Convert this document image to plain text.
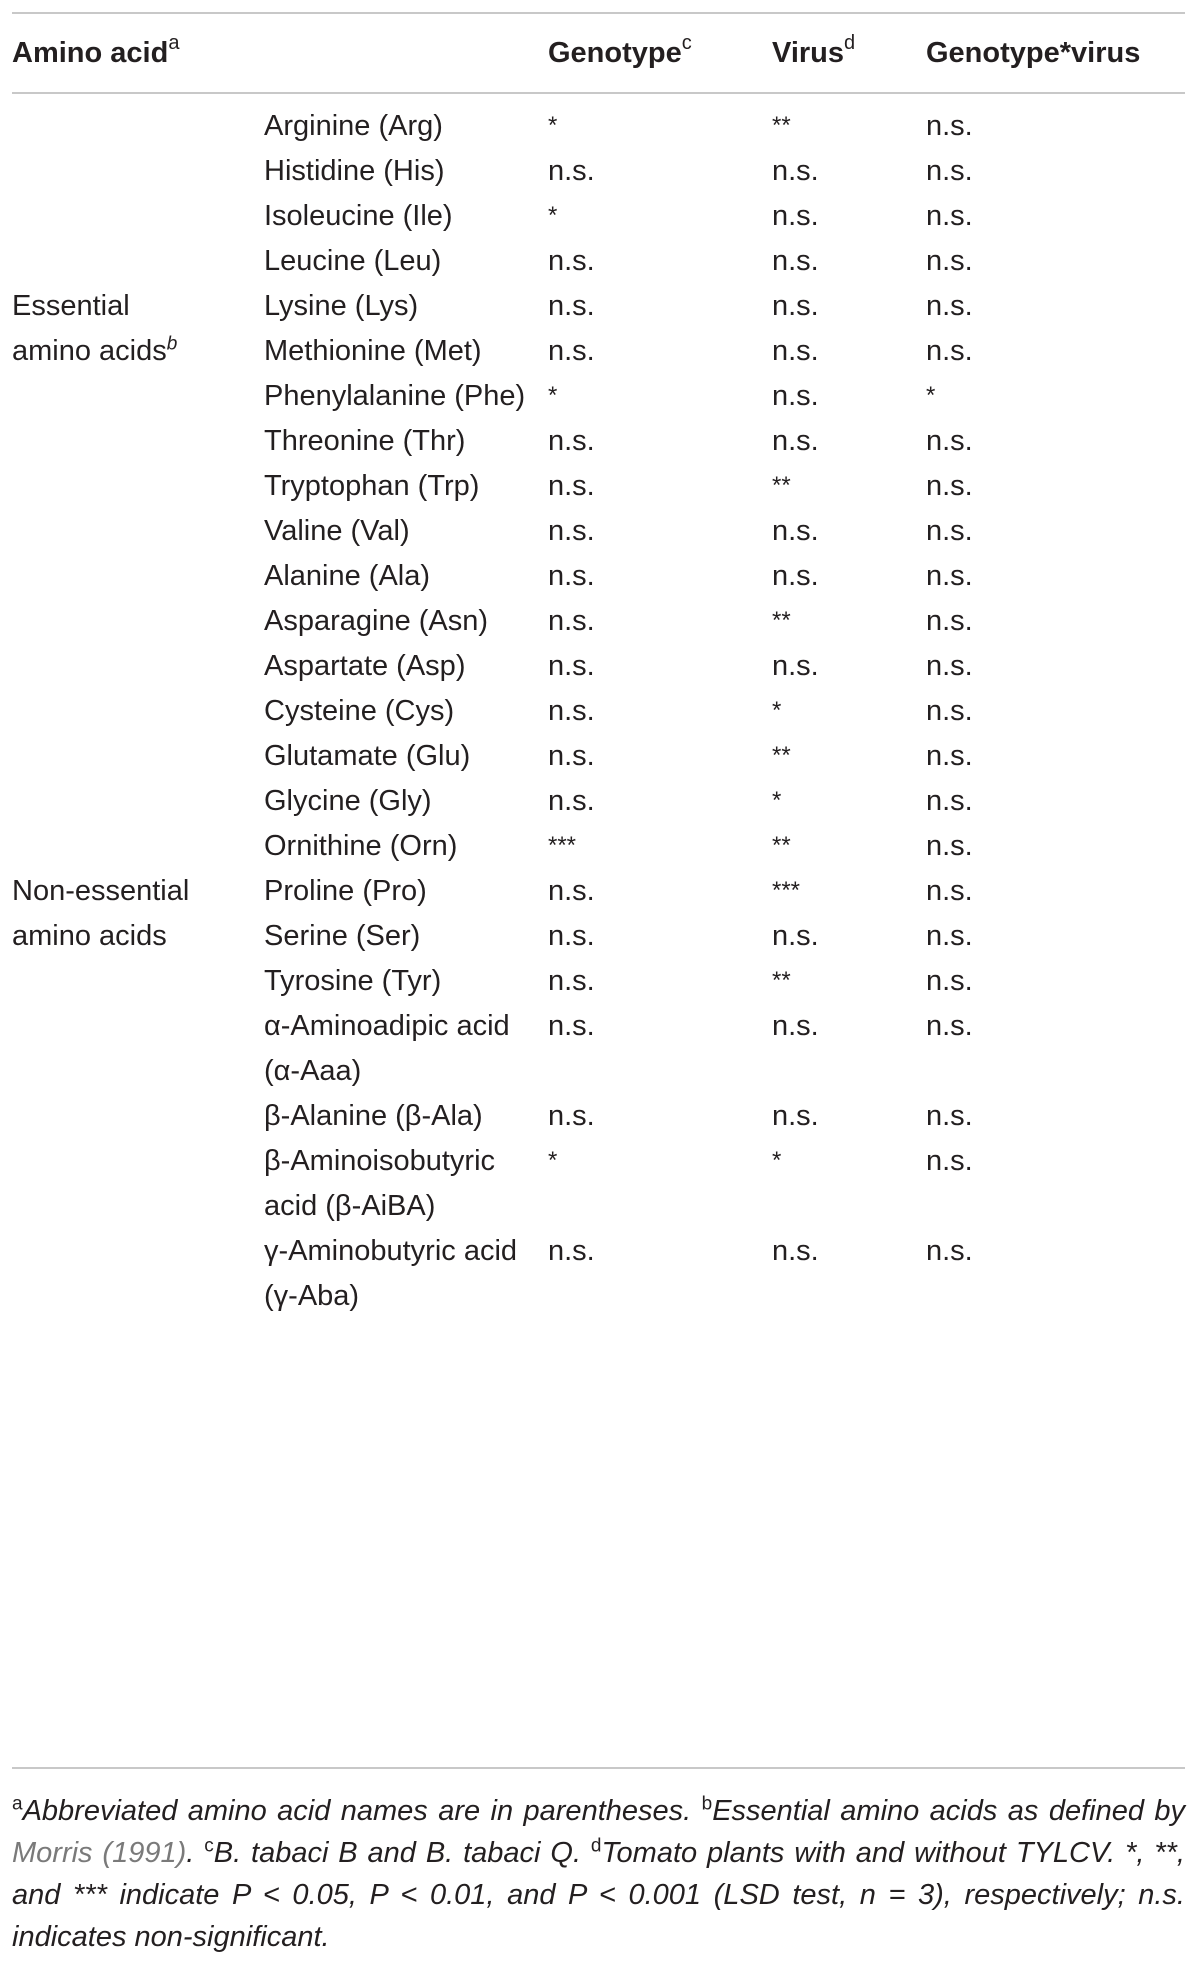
Amino acid$^a$		Genotype$^c$	Virus$^d$	Genotype*virus
	Arginine (Arg)	*	**	n.s.
	Histidine (His)	n.s.	n.s.	n.s.
	Isoleucine (Ile)	*	n.s.	n.s.
	Leucine (Leu)	n.s.	n.s.	n.s.
Essential	Lysine (Lys)	n.s.	n.s.	n.s.
amino acids$^b$	Methionine (Met)	n.s.	n.s.	n.s.
	Phenylalanine (Phe)	*	n.s.	*
	Threonine (Thr)	n.s.	n.s.	n.s.
	Tryptophan (Trp)	n.s.	**	n.s.
	Valine (Val)	n.s.	n.s.	n.s.
	Alanine (Ala)	n.s.	n.s.	n.s.
	Asparagine (Asn)	n.s.	**	n.s.
	Aspartate (Asp)	n.s.	n.s.	n.s.
	Cysteine (Cys)	n.s.	*	n.s.
	Glutamate (Glu)	n.s.	**	n.s.
	Glycine (Gly)	n.s.	*	n.s.
	Ornithine (Orn)	***	**	n.s.
Non-essential	Proline (Pro)	n.s.	***	n.s.
amino acids	Serine (Ser)	n.s.	n.s.	n.s.
	Tyrosine (Tyr)	n.s.	**	n.s.
	α-Aminoadipic acid (α-Aaa)	n.s.	n.s.	n.s.
	β-Alanine (β-Ala)	n.s.	n.s.	n.s.
	β-Aminoisobutyric acid (β-AiBA)	*	*	n.s.
	γ-Aminobutyric acid (γ-Aba)	n.s.	n.s.	n.s.
$^a$Abbreviated amino acid names are in parentheses. $^b$Essential amino acids as defined by Morris (1991). $^c$B. tabaci B and B. tabaci Q. $^d$Tomato plants with and without TYLCV. *, **, and *** indicate P < 0.05, P < 0.01, and P < 0.001 (LSD test, n = 3), respectively; n.s. indicates non-significant.
